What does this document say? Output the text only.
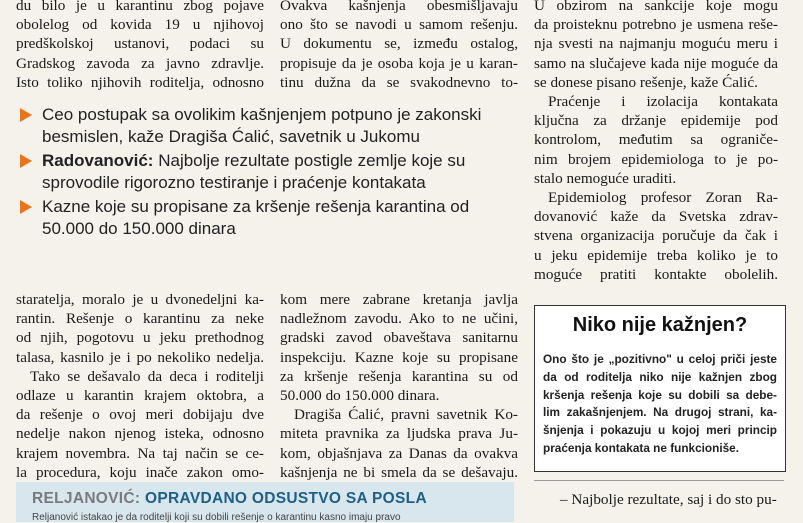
du bilo je u karantinu zbog pojave
obolelog od kovida 19 u njihovoj
predškolskoj ustanovi, podaci su
Gradskog zavoda za javno zdravlje.
Isto toliko njihovih roditelja, odnosno
Ovakva kašnjenja obesmišljavaju
ono što se navodi u samom rešenju.
U dokumentu se, između ostalog,
propisuje da je osoba koja je u karan-
tinu dužna da se svakodnevno to-
U obzirom na sankcije koje mogu
da proisteknu potrebno je usmena reše-
nja svesti na najmanju moguću meru i
samo na slučajeve kada nije moguće da
se donese pisano rešenje, kaže Ćalić.
Praćenje i izolacija kontakata
ključna za držanje epidemije pod
kontrolom, međutim sa ograniče-
nim brojem epidemiologa to je po-
stalo nemoguće uraditi.
Epidemiolog profesor Zoran Ra-
dovanović kaže da Svetska zdrav-
stvena organizacija poručuje da čak i
u jeku epidemije treba koliko je to
moguće pratiti kontakte obolelih.
Ceo postupak sa ovolikim kašnjenjem potpuno je zakonski
besmislen, kaže Dragiša Ćalić, savetnik u Jukomu
Radovanović: Najbolje rezultate postigle zemlje koje su
sprovodile rigorozno testiranje i praćenje kontakata
Kazne koje su propisane za kršenje rešenja karantina od
50.000 do 150.000 dinara
staratelja, moralo je u dvonedeljni ka-
rantin. Rešenje o karantinu za neke
od njih, pogotovu u jeku prethodnog
talasa, kasnilo je i po nekoliko nedelja.
Tako se dešavalo da deca i roditelji
odlaze u karantin krajem oktobra, a
da rešenje o ovoj meri dobijaju dve
nedelje nakon njenog isteka, odnosno
krajem novembra. Na taj način se ce-
la procedura, koju inače zakon omo-
kom mere zabrane kretanja javlja
nadležnom zavodu. Ako to ne učini,
gradski zavod obaveštava sanitarnu
inspekciju. Kazne koje su propisane
za kršenje rešenja karantina su od
50.000 do 150.000 dinara.
Dragiša Ćalić, pravni savetnik Ko-
miteta pravnika za ljudska prava Ju-
kom, objašnjava za Danas da ovakva
kašnjenja ne bi smela da se dešavaju.
Niko nije kažnjen?
Ono što je „pozitivno" u celoj priči jeste
da od roditelja niko nije kažnjen zbog
kršenja rešenja koje su dobili sa debe-
lim zakašnjenjem. Na drugoj strani, ka-
šnjenja i pokazuju u kojoj meri princip
praćenja kontakata ne funkcioniše.
– Najbolje rezultate, saj i do sto pu-
RELJANOVIĆ: OPRAVDANO ODSUSTVO SA POSLA
Reljanović istakao je da roditelji koji su dobili rešenje o karantinu kasno imaju pravo
